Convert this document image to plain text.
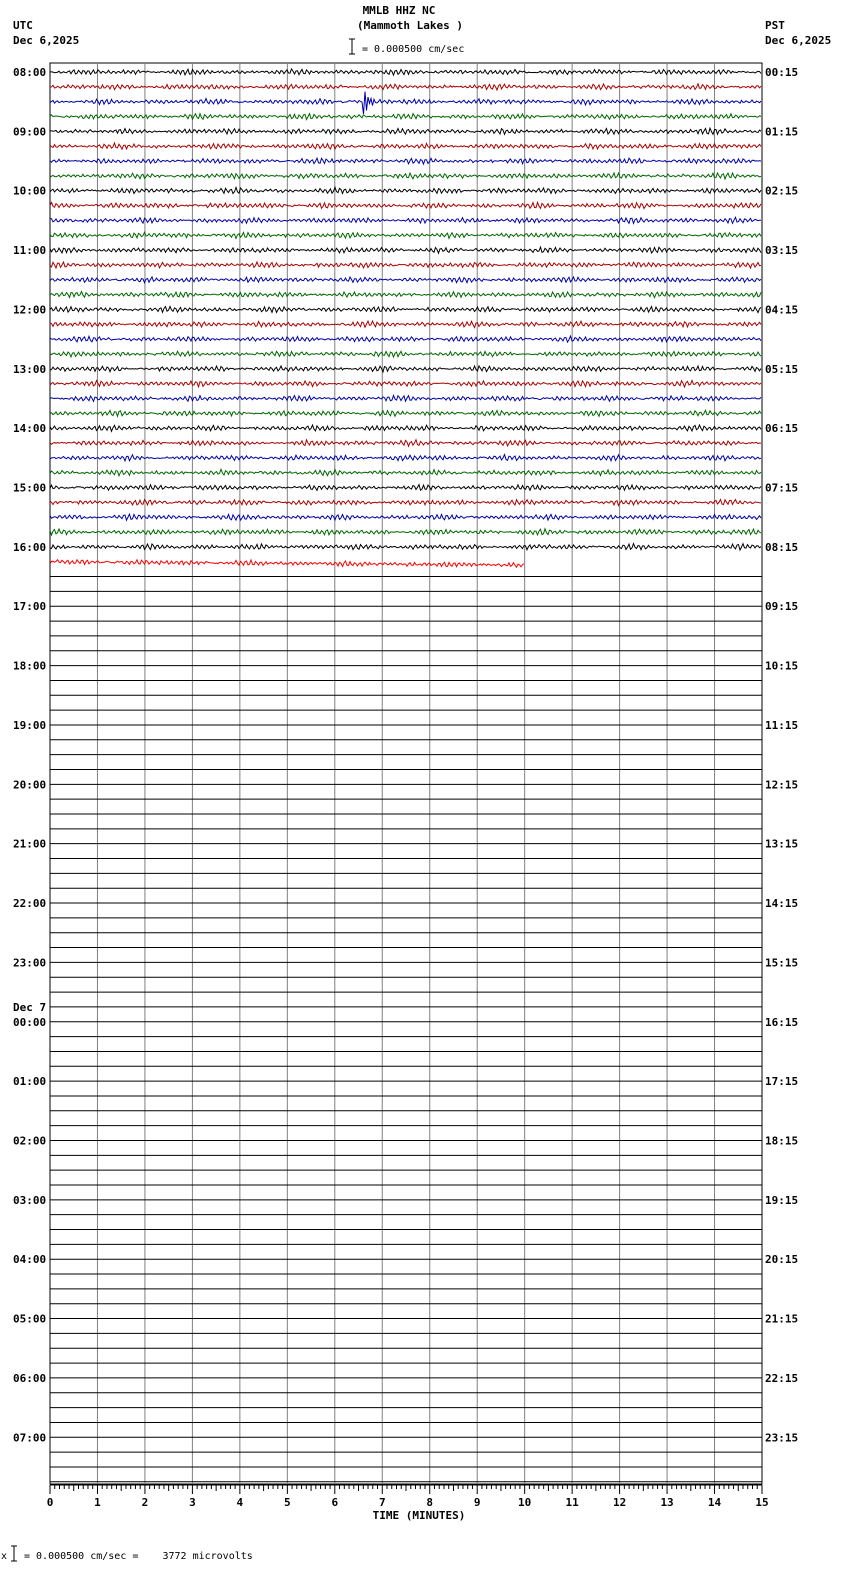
MMLB HHZ NC
(Mammoth Lakes )
= 0.000500 cm/sec
UTC
Dec 6,2025
PST
Dec 6,2025
08:00
09:00
10:00
11:00
12:00
13:00
14:00
15:00
16:00
17:00
18:00
19:00
20:00
21:00
22:00
23:00
00:00
01:00
02:00
03:00
04:00
05:00
06:00
07:00
00:15
01:15
02:15
03:15
04:15
05:15
06:15
07:15
08:15
09:15
10:15
11:15
12:15
13:15
14:15
15:15
16:15
17:15
18:15
19:15
20:15
21:15
22:15
23:15
Dec 7
0	1	2	3	4	5	6	7	8	9	10	11	12	13	14	15
TIME (MINUTES)
x = 0.000500 cm/sec =    3772 microvolts
